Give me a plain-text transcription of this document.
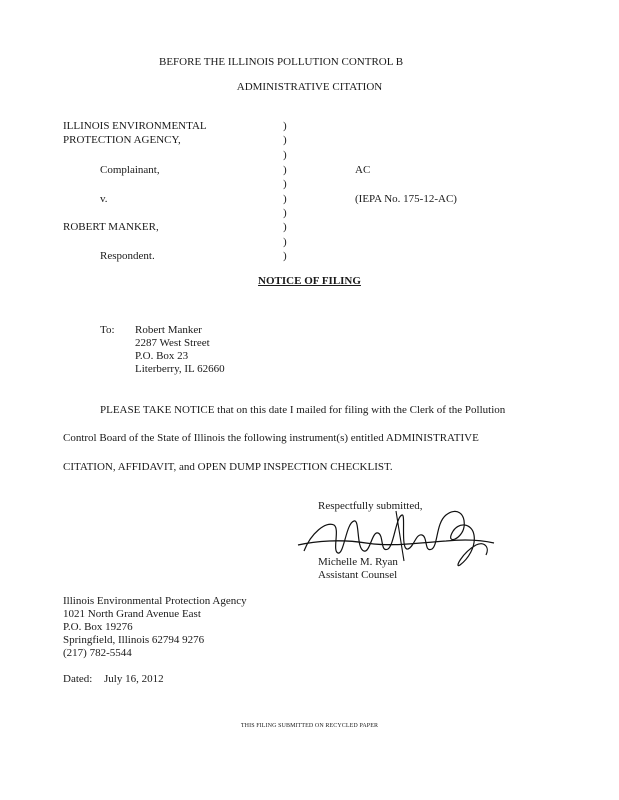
BEFORE THE ILLINOIS POLLUTION CONTROL B
ADMINISTRATIVE CITATION
ILLINOIS ENVIRONMENTAL
PROTECTION AGENCY,
Complainant,
v.
ROBERT MANKER,
Respondent.
)
)
)
)
)
)
)
)
)
)
AC
(IEPA No. 175-12-AC)
NOTICE OF FILING
To: Robert Manker
2287 West Street
P.O. Box 23
Literberry, IL 62660
PLEASE TAKE NOTICE that on this date I mailed for filing with the Clerk of the Pollution
Control Board of the State of Illinois the following instrument(s) entitled ADMINISTRATIVE
CITATION, AFFIDAVIT, and OPEN DUMP INSPECTION CHECKLIST.
Respectfully submitted,
Michelle M. Ryan
Assistant Counsel
Illinois Environmental Protection Agency
1021 North Grand Avenue East
P.O. Box 19276
Springfield, Illinois 62794 9276
(217) 782-5544
Dated: July 16, 2012
THIS FILING SUBMITTED ON RECYCLED PAPER
